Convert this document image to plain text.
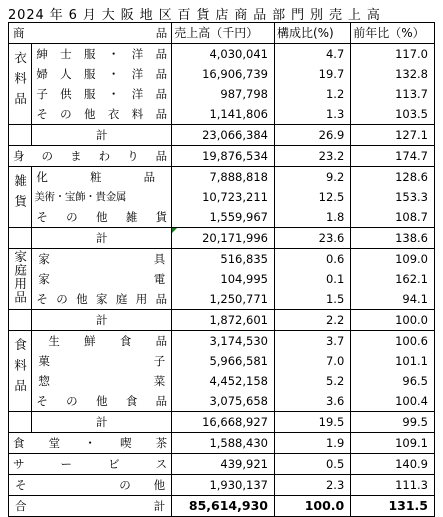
2024 年 6 月 大 阪 地 区 百 貨 店 商 品 部 門 別 売 上 高
商 品		売上高（千円）	構成比(%)	前年比（%）
衣料品	紳士服・洋品	4,030,041	4.7	117.0
	婦人服・洋品	16,906,739	19.7	132.8
	子供服・洋品	987,798	1.2	113.7
	その他衣料品	1,141,806	1.3	103.5
	計	23,066,384	26.9	127.1
身のまわり品		19,876,534	23.2	174.7
雑貨	化粧品	7,888,818	9.2	128.6
	美術・宝飾・貴金属	10,723,211	12.5	153.3
	その他雑貨	1,559,967	1.8	108.7
	計	20,171,996	23.6	138.6
家庭用品	家 具	516,835	0.6	109.0

	家 電	104,995	0.1	162.1
	その他家庭用品	1,250,771	1.5	94.1
	計	1,872,601	2.2	100.0
食料品	生鮮食品	3,174,530	3.7	100.6

	菓 子	5,966,581	7.0	101.1

	惣 菜	4,452,158	5.2	96.5
	その他食品	3,075,658	3.6	100.4
	計	16,668,927	19.5	99.5
食堂・喫茶		1,588,430	1.9	109.1
サービス		439,921	0.5	140.9

そ の　　他		1,930,137	2.3	111.3

合 計		85,614,930	100.0	131.5
